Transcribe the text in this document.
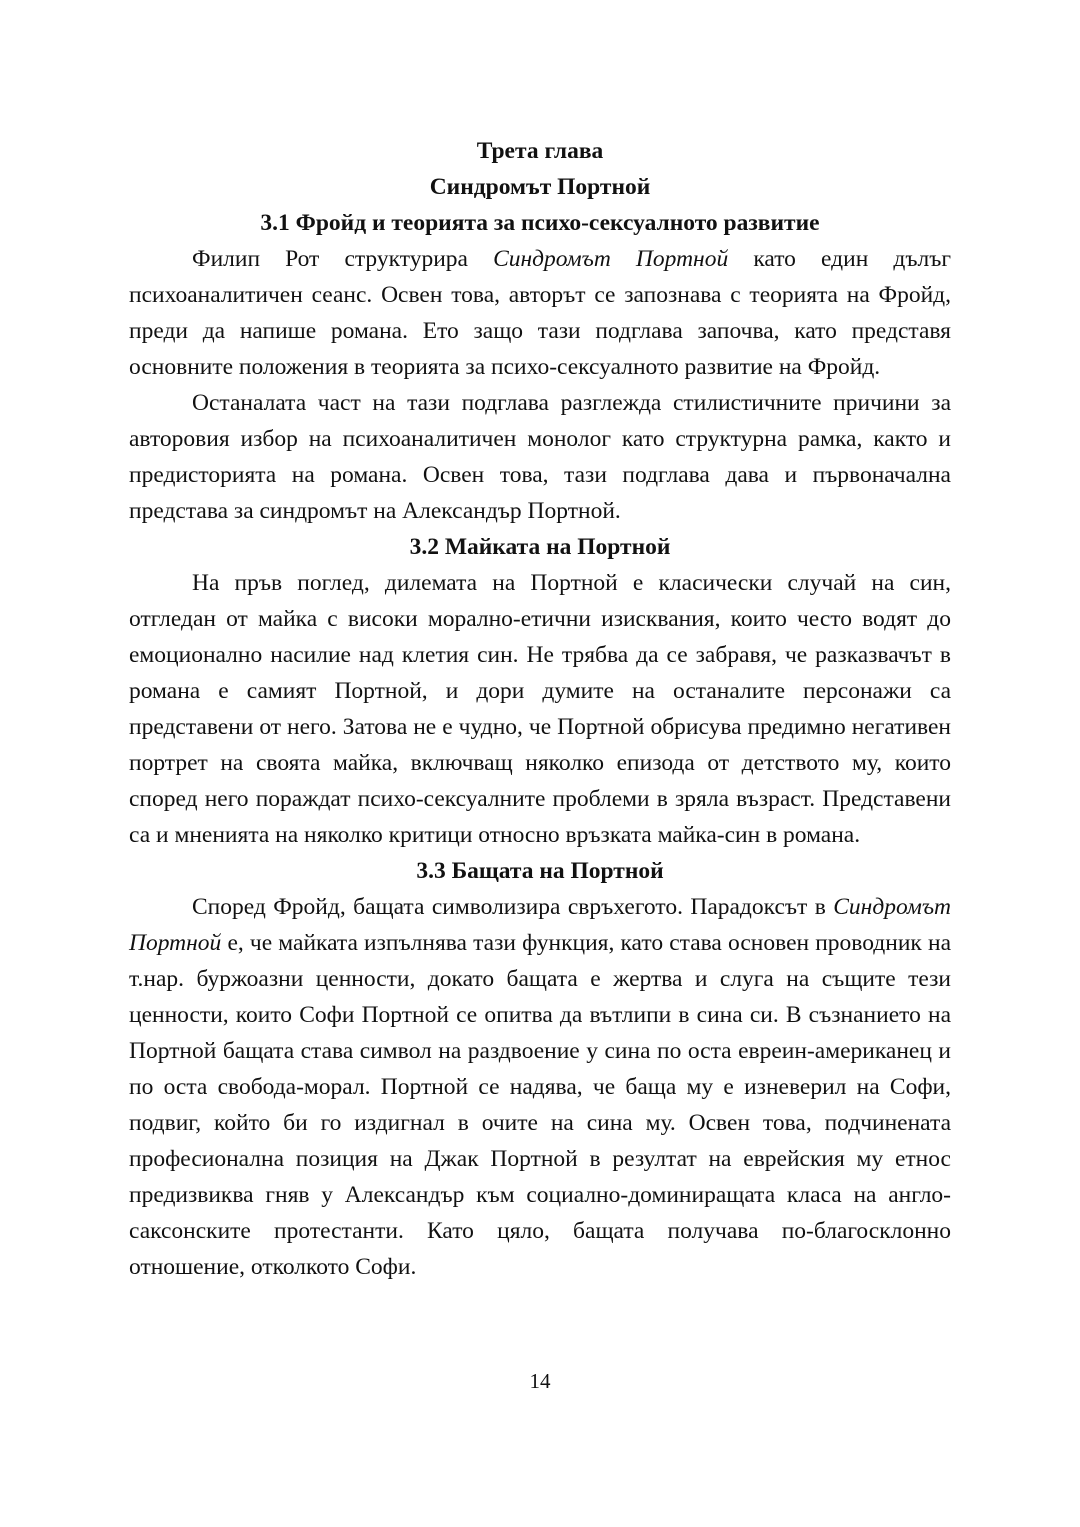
Трета глава
Синдромът Портной
3.1 Фройд и теорията за психо-сексуалното развитие

Филип Рот структурира Синдромът Портной като един дълъг психоаналитичен сеанс. Освен това, авторът се запознава с теорията на Фройд, преди да напише романа. Ето защо тази подглава започва, като представя основните положения в теорията за психо-сексуалното развитие на Фройд.

Останалата част на тази подглава разглежда стилистичните причини за авторовия избор на психоаналитичен монолог като структурна рамка, както и предисторията на романа. Освен това, тази подглава дава и първоначална представа за синдромът на Александър Портной.

3.2 Майката на Портной

На пръв поглед, дилемата на Портной е класически случай на син, отгледан от майка с високи морално-етични изисквания, които често водят до емоционално насилие над клетия син. Не трябва да се забравя, че разказвачът в романа е самият Портной, и дори думите на останалите персонажи са представени от него. Затова не е чудно, че Портной обрисува предимно негативен портрет на своята майка, включващ няколко епизода от детството му, които според него пораждат психо-сексуалните проблеми в зряла възраст. Представени са и мненията на няколко критици относно връзката майка-син в романа.

3.3 Бащата на Портной

Според Фройд, бащата символизира свръхегото. Парадоксът в Синдромът Портной е, че майката изпълнява тази функция, като става основен проводник на т.нар. буржоазни ценности, докато бащата е жертва и слуга на същите тези ценности, които Софи Портной се опитва да вътлипи в сина си. В съзнанието на Портной бащата става символ на раздвоение у сина по оста евреин-американец и по оста свобода-морал. Портной се надява, че баща му е изневерил на Софи, подвиг, който би го издигнал в очите на сина му. Освен това, подчинената професионална позиция на Джак Портной в резултат на еврейския му етнос предизвиква гняв у Александър към социално-доминиращата класа на англо-саксонските протестанти. Като цяло, бащата получава по-благосклонно отношение, отколкото Софи.

14
